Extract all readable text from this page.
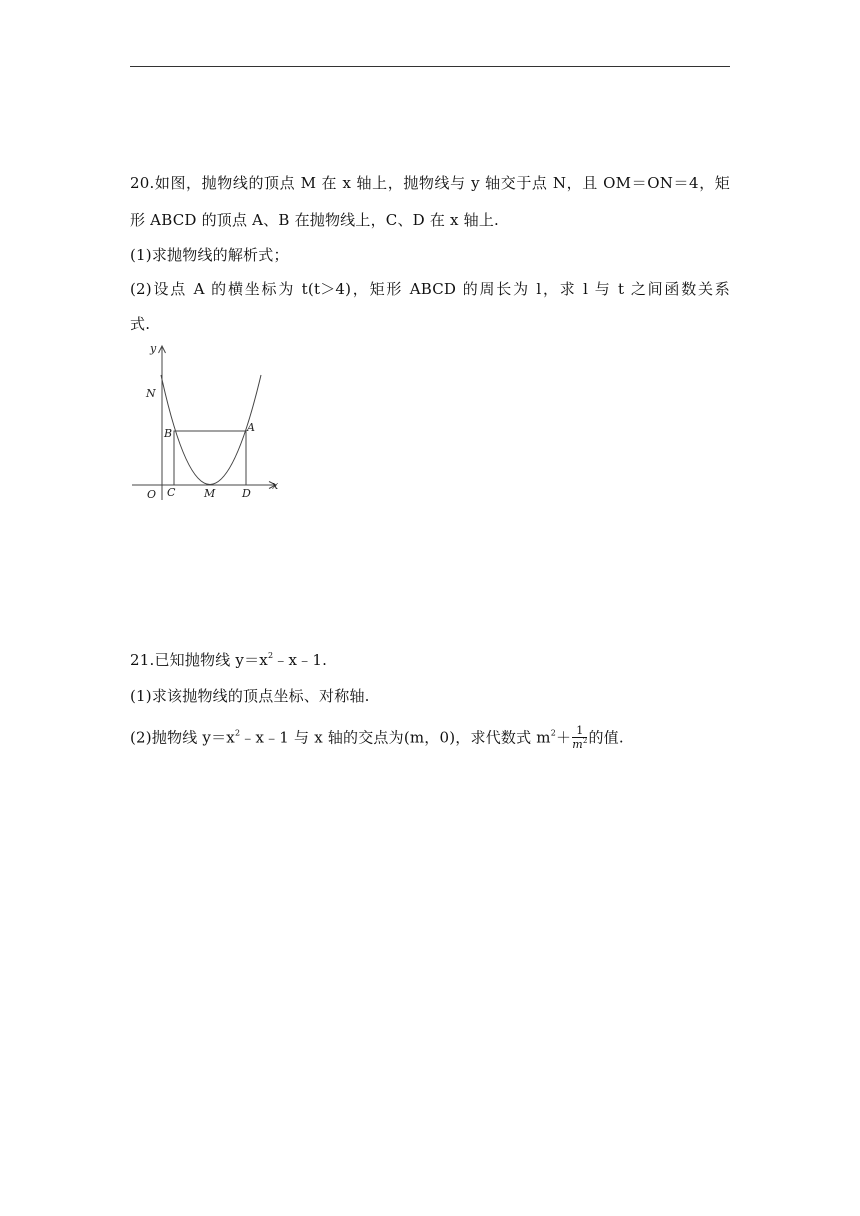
20.如图，抛物线的顶点 M 在 x 轴上，抛物线与 y 轴交于点 N，且 OM＝ON＝4，矩
形 ABCD 的顶点 A、B 在抛物线上，C、D 在 x 轴上.
(1)求抛物线的解析式；
(2)设点 A 的横坐标为 t(t＞4)，矩形 ABCD 的周长为 l，求 l 与 t 之间函数关系
式.
y
x
N
B	A
O C	M D
21.已知抛物线 $y=x^2﹣x﹣1$.
(1)求该抛物线的顶点坐标、对称轴.
(2)抛物线 $y=x^2﹣x﹣1$ 与 x 轴的交点为(m，0)，求代数式 $m^2+ \frac{1}{m^2}$ 的值.
